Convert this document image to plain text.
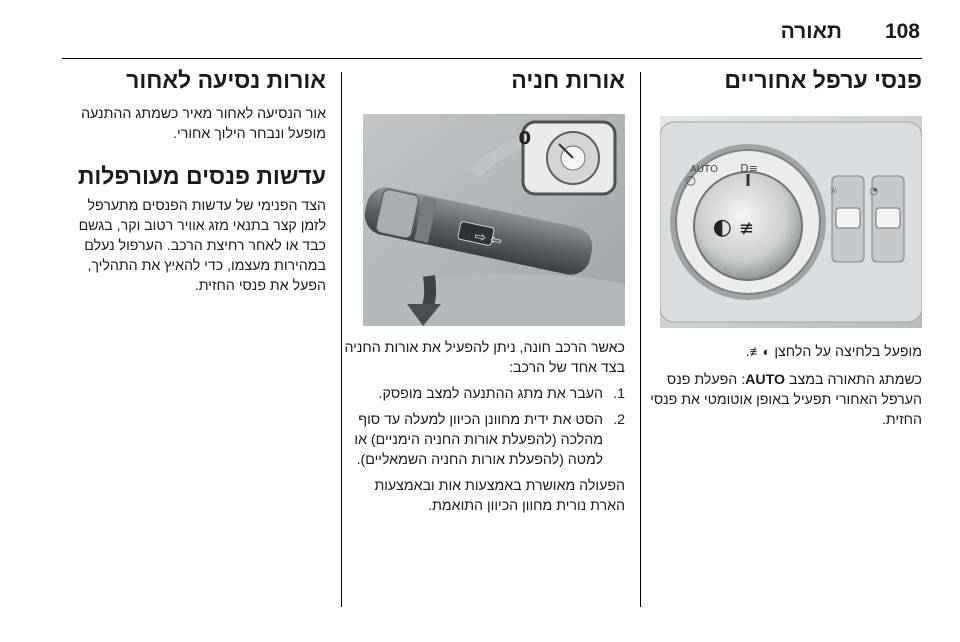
108
תאורה
פנסי ערפל אחוריים
AUTO
○
≡D
◐ ≢
☼	◔

מופעל בלחיצה על הלחצן ◐≢.

כשמתג התאורה במצב AUTO: הפעלת פנס הערפל האחורי תפעיל באופן אוטומטי את פנסי החזית.

אורות חניה
⇦ ⇨
0

כאשר הרכב חונה, ניתן להפעיל את אורות החניה בצד אחד של הרכב:

1.
העבר את מתג ההתנעה למצב מופסק.
2.
הסט את ידית מחוונן הכיוון למעלה עד סוף מהלכה (להפעלת אורות החניה הימניים) או למטה (להפעלת אורות החניה השמאליים).

הפעולה מאושרת באמצעות אות ובאמצעות הארת נורית מחוון הכיוון התואמת.

אורות נסיעה לאחור

אור הנסיעה לאחור מאיר כשמתג ההתנעה מופעל ונבחר הילוך אחורי.

עדשות פנסים מעורפלות

הצד הפנימי של עדשות הפנסים מתערפל לזמן קצר בתנאי מזג אוויר רטוב וקר, בגשם כבד או לאחר רחיצת הרכב. הערפול נעלם במהירות מעצמו, כדי להאיץ את התהליך, הפעל את פנסי החזית.
